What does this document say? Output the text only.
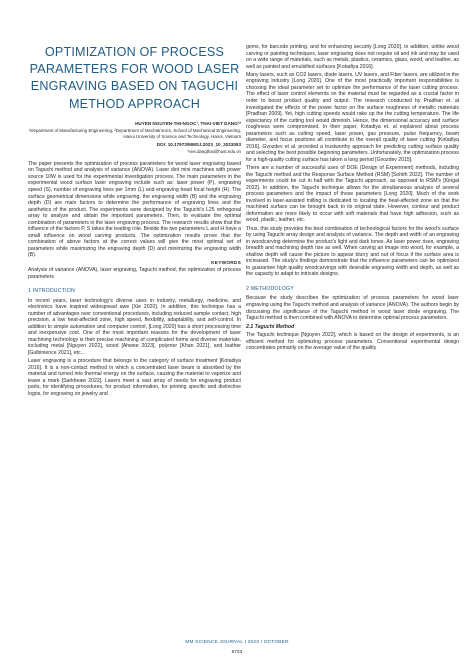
OPTIMIZATION OF PROCESS PARAMETERS FOR WOOD LASER ENGRAVING BASED ON TAGUCHI METHOD APPROACH
HUYEN NGUYEN-THI-NGOC¹, THAI-VIET DANG²*
¹Department of Manufacturing Engineering, ²Department of Mechatronics, School of Mechanical Engineering, Hanoi University of Science and Technology, Hanoi, Vietnam
DOI: 10.17973/MMSJ.2023_10_2023053
*viet.dangthai@hust.edu.vn

The paper presents the optimization of process parameters for wood laser engraving based on Taguchi method and analysis of variance (ANOVA). Laser diot mini machines with power source 10W is used for the experimental investigation process. The main parameters in the experimental wood surface laser engraving include such as: laser power (P), engraving speed (S), number of engraving lines per 1mm (L) and engraving head focal height (H). The surface geometrical dimensions while engraving, the engraving width (B) and the engraving depth (D) are main factors to determine the performance of engraving lines and the aesthetics of the product. The experiments were designed by the Taguchi's L25 orthogonal array to analyze and obtain the important parameters. Then, to evaluate the optimal combination of parameters in the laser engraving process. The research results show that the influence of the factors P, S takes the leading role. Beside the two parameters L and H have a small influence on wood carving products. The optimization results prove that the combination of above factors at the correct values will give the most optimal set of parameters while maximizing the engraving depth (D) and minimizing the engraving width (B).

KEYWORDS

Analysis of variance (ANOVA), laser engraving, Taguchi method, the optimization of process parameters

1 INTRODUCTION

In recent years, laser technology's diverse uses in industry, metallurgy, medicine, and electronics have inspired widespread awe [Xie 2020]. In addition, this technique has a number of advantages over conventional procedures, including reduced sample contact, high precision, a low heat-affected zone, high speed, flexibility, adaptability, and self-control. In addition to simple automation and computer control, [Long 2020] has a short processing time and inexpensive cost. One of the most important reasons for the development of laser machining technology is their precise machining of complicated forms and diverse materials, including metal [Nguyen 2022], wood [Ahwee 2023], polymer [Khan 2021], and leather [Gulbinience 2021], etc...

Laser engraving is a procedure that belongs to the category of surface treatment [Kotadiya 2016]. It is a non-contact method in which a concentrated laser beam is absorbed by the material and turned into thermal energy on the surface, causing the material to vaporize and leave a mark [Sarkheaw 2022]. Lasers meet a vast array of needs for engraving product parts, for identifying procedures, for product information, for printing specific and distinctive logos, for engraving on jewelry and

gems, for barcode printing, and for enhancing security [Long 2020]. In addition, unlike wood carving or painting techniques, laser engraving does not require oil and ink and may be used on a wide range of materials, such as metals, plastics, ceramics, glass, wood, and leather, as well as painted and emulsified surfaces [Kotadiya 2016].

Many lasers, such as CO2 lasers, diode lasers, UV lasers, and Fiber lasers, are utilized in the engraving industry [Long 2020]. One of the most practically important responsibilities is choosing the ideal parameter set to optimize the performance of the laser cutting process. The effect of laser control elements on the material must be regarded as a crucial factor in order to boost product quality and output. The research conducted by Pradhan et. al investigated the effects of the power factor on the surface roughness of metallic materials [Pradhan 2009]. Yet, high cutting speeds would rake up the the cutting temperature. The life expectancy of the cutting tool would diminish. Hence, the dimensional accuracy and surface roughness were compromised. In their paper, Kotadiya et. al explained about process parameters such as cutting speed, laser power, gas pressure, pulse frequency, beam diameter, and focus positions all contribute to the overall quality of laser cutting [Kotadiya 2016]. Gvozdev et al. provided a trustworthy approach for predicting cutting surface quality and selecting the best possible beginning parameters. Unfortunately, the optimization process for a high-quality cutting surface has taken a long period [Gvozdev 2015].

There are a number of successful uses of DOE (Design of Experiment) methods, including the Taguchi method and the Response Surface Method (RSM) [Sohith 2022]. The number of experiments could be cut in half with the Taguchi approach, as opposed to RSM's [Kirigal 2022]. In addition, the Taguchi technique allows for the simultaneous analysis of several process parameters and the impact of those parameters [Long 2020]. Much of the work involved in laser-assisted milling is dedicated to locating the heat-affected zone so that the machined surface can be brought back to its original state. However, contour and product deformation are more likely to occur with soft materials that have high adhesion, such as wood, plastic, leather, etc.

Thus, this study provides the best combination of technological factors for the wood's surface by using Taguchi array design and analysis of variance. The depth and width of an engraving in woodcarving determine the product's light and dark tones. As laser power rises, engraving breadth and machining depth rise as well. When carving an image into wood, for example, a shallow depth will cause the picture to appear blurry and out of focus if the surface area is increased. The study's findings demonstrate that the influence parameters can be optimized to guarantee high quality woodcarvings with desirable engraving width and depth, as well as the capacity to adapt to intricate designs.

2 METHODOLOGY

Because the study describes the optimization of process parameters for wood laser engraving using the Taguchi method and analysis of variance (ANOVA). The authors begin by discussing the significance of the Taguchi method in wood laser diode engraving. The Taguchi method is then combined with ANOVA to determine optimal process parameters.

2.1 Taguchi Method

The Taguchi technique [Nguyen 2022], which is based on the design of experiments, is an efficient method for optimizing process parameters. Conventional experimental design concentrates primarily on the average value of the quality

MM SCIENCE JOURNAL I 2023 I OCTOBER
6723
